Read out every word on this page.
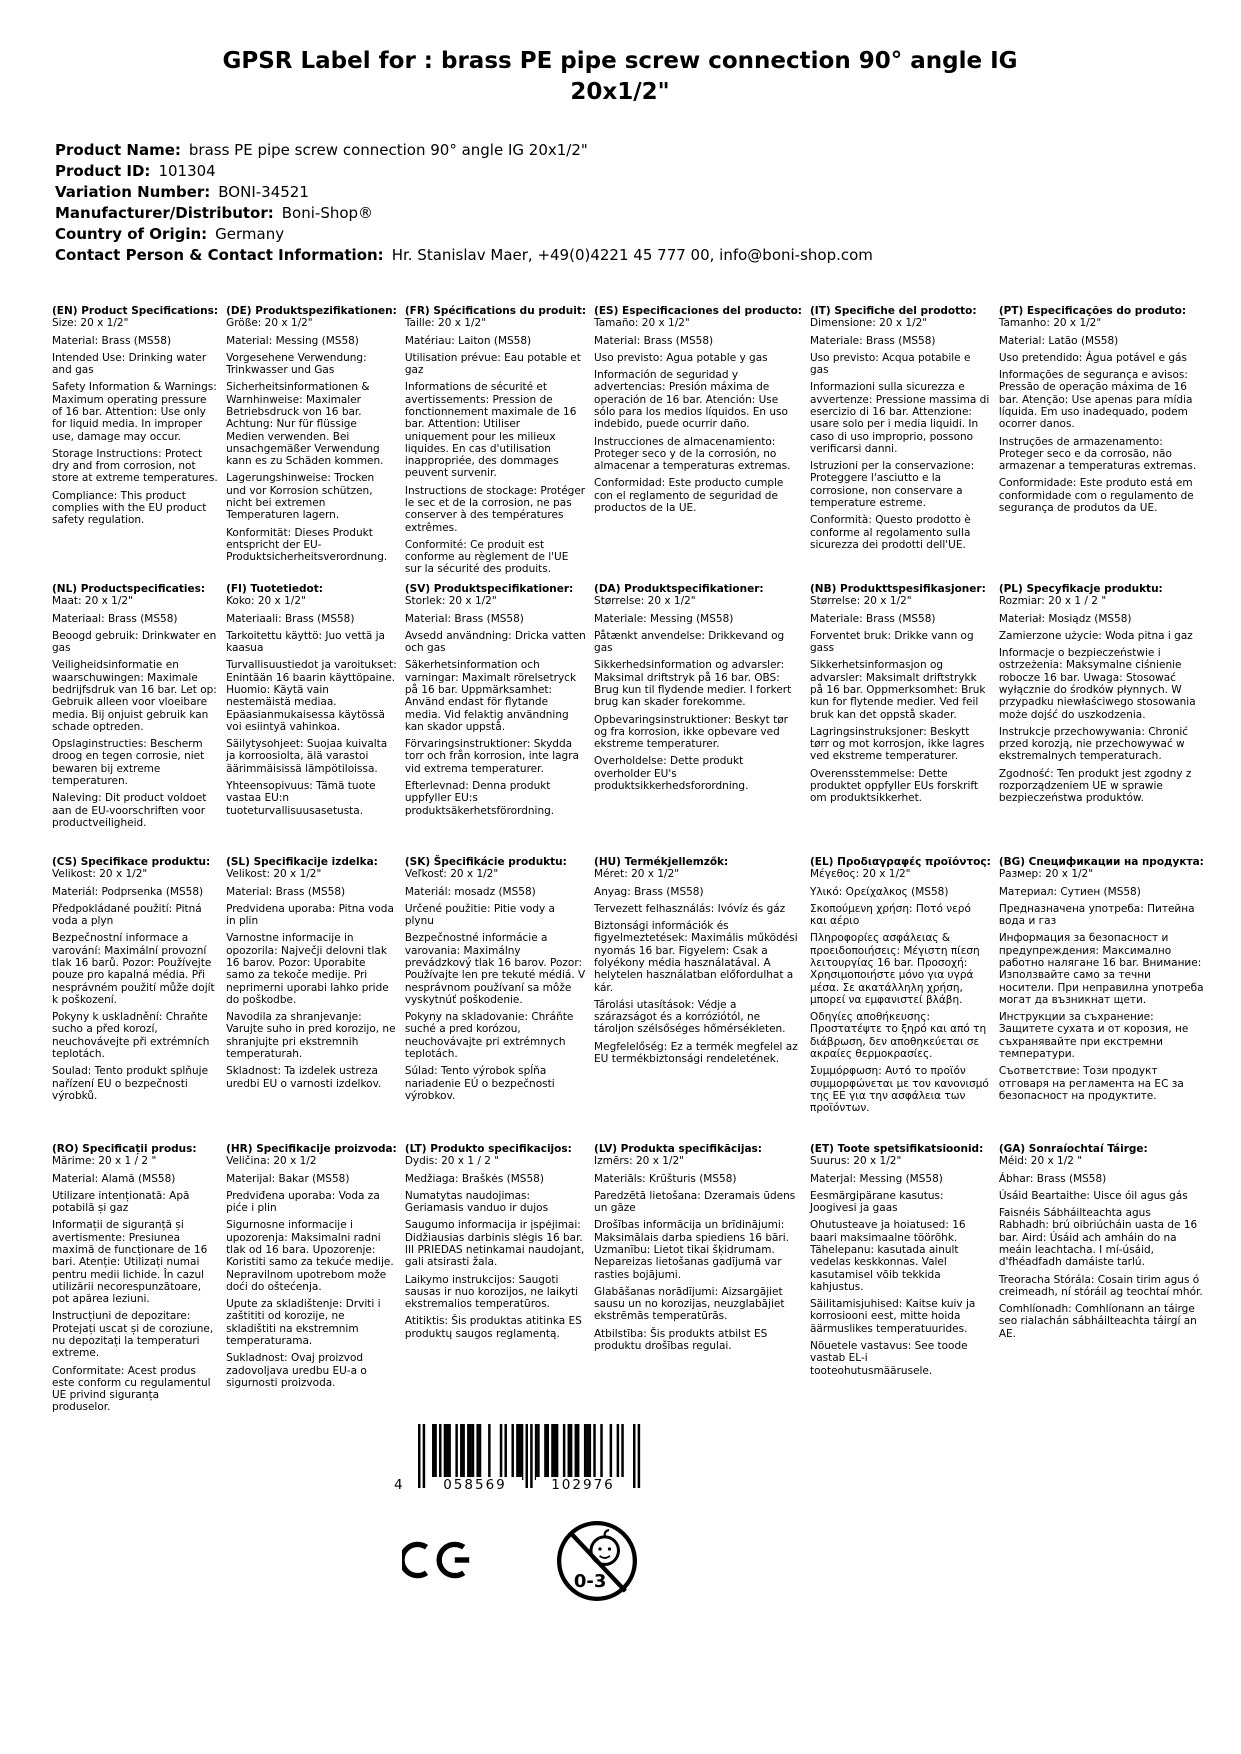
GPSR Label for : brass PE pipe screw connection 90° angle IG 20x1/2"
Product Name: brass PE pipe screw connection 90° angle IG 20x1/2"
Product ID: 101304
Variation Number: BONI-34521
Manufacturer/Distributor: Boni-Shop®
Country of Origin: Germany
Contact Person & Contact Information: Hr. Stanislav Maer, +49(0)4221 45 777 00, info@boni-shop.com
(EN) Product Specifications:

Size: 20 x 1/2"

Material: Brass (MS58)

Intended Use: Drinking water and gas

Safety Information & Warnings: Maximum operating pressure of 16 bar. Attention: Use only for liquid media. In improper use, damage may occur.

Storage Instructions: Protect dry and from corrosion, not store at extreme temperatures.

Compliance: This product complies with the EU product safety regulation.

(DE) Produktspezifikationen:

Größe: 20 x 1/2"

Material: Messing (MS58)

Vorgesehene Verwendung: Trinkwasser und Gas

Sicherheitsinformationen & Warnhinweise: Maximaler Betriebsdruck von 16 bar. Achtung: Nur für flüssige Medien verwenden. Bei unsachgemäßer Verwendung kann es zu Schäden kommen.

Lagerungshinweise: Trocken und vor Korrosion schützen, nicht bei extremen Temperaturen lagern.

Konformität: Dieses Produkt entspricht der EU-Produktsicherheitsverordnung.

(FR) Spécifications du produit:

Taille: 20 x 1/2"

Matériau: Laiton (MS58)

Utilisation prévue: Eau potable et gaz

Informations de sécurité et avertissements: Pression de fonctionnement maximale de 16 bar. Attention: Utiliser uniquement pour les milieux liquides. En cas d'utilisation inappropriée, des dommages peuvent survenir.

Instructions de stockage: Protéger le sec et de la corrosion, ne pas conserver à des températures extrêmes.

Conformité: Ce produit est conforme au règlement de l'UE sur la sécurité des produits.

(ES) Especificaciones del producto:

Tamaño: 20 x 1/2"

Material: Brass (MS58)

Uso previsto: Agua potable y gas

Información de seguridad y advertencias: Presión máxima de operación de 16 bar. Atención: Use sólo para los medios líquidos. En uso indebido, puede ocurrir daño.

Instrucciones de almacenamiento: Proteger seco y de la corrosión, no almacenar a temperaturas extremas.

Conformidad: Este producto cumple con el reglamento de seguridad de productos de la UE.

(IT) Specifiche del prodotto:

Dimensione: 20 x 1/2"

Materiale: Brass (MS58)

Uso previsto: Acqua potabile e gas

Informazioni sulla sicurezza e avvertenze: Pressione massima di esercizio di 16 bar. Attenzione: usare solo per i media liquidi. In caso di uso improprio, possono verificarsi danni.

Istruzioni per la conservazione: Proteggere l'asciutto e la corrosione, non conservare a temperature estreme.

Conformità: Questo prodotto è conforme al regolamento sulla sicurezza dei prodotti dell'UE.

(PT) Especificações do produto:

Tamanho: 20 x 1/2"

Material: Latão (MS58)

Uso pretendido: Água potável e gás

Informações de segurança e avisos: Pressão de operação máxima de 16 bar. Atenção: Use apenas para mídia líquida. Em uso inadequado, podem ocorrer danos.

Instruções de armazenamento: Proteger seco e da corrosão, não armazenar a temperaturas extremas.

Conformidade: Este produto está em conformidade com o regulamento de segurança de produtos da UE.

(NL) Productspecificaties:

Maat: 20 x 1/2"

Materiaal: Brass (MS58)

Beoogd gebruik: Drinkwater en gas

Veiligheidsinformatie en waarschuwingen: Maximale bedrijfsdruk van 16 bar. Let op: Gebruik alleen voor vloeibare media. Bij onjuist gebruik kan schade optreden.

Opslaginstructies: Bescherm droog en tegen corrosie, niet bewaren bij extreme temperaturen.

Naleving: Dit product voldoet aan de EU-voorschriften voor productveiligheid.

(FI) Tuotetiedot:

Koko: 20 x 1/2"

Materiaali: Brass (MS58)

Tarkoitettu käyttö: Juo vettä ja kaasua

Turvallisuustiedot ja varoitukset: Enintään 16 baarin käyttöpaine. Huomio: Käytä vain nestemäistä mediaa. Epäasianmukaisessa käytössä voi esiintyä vahinkoa.

Säilytysohjeet: Suojaa kuivalta ja korroosiolta, älä varastoi äärimmäisissä lämpötiloissa.

Yhteensopivuus: Tämä tuote vastaa EU:n tuoteturvallisuusasetusta.

(SV) Produktspecifikationer:

Storlek: 20 x 1/2"

Material: Brass (MS58)

Avsedd användning: Dricka vatten och gas

Säkerhetsinformation och varningar: Maximalt rörelsetryck på 16 bar. Uppmärksamhet: Använd endast för flytande media. Vid felaktig användning kan skador uppstå.

Förvaringsinstruktioner: Skydda torr och från korrosion, inte lagra vid extrema temperaturer.

Efterlevnad: Denna produkt uppfyller EU:s produktsäkerhetsförordning.

(DA) Produktspecifikationer:

Størrelse: 20 x 1/2"

Materiale: Messing (MS58)

Påtænkt anvendelse: Drikkevand og gas

Sikkerhedsinformation og advarsler: Maksimal driftstryk på 16 bar. OBS: Brug kun til flydende medier. I forkert brug kan skader forekomme.

Opbevaringsinstruktioner: Beskyt tør og fra korrosion, ikke opbevare ved ekstreme temperaturer.

Overholdelse: Dette produkt overholder EU's produktsikkerhedsforordning.

(NB) Produkttspesifikasjoner:

Størrelse: 20 x 1/2"

Materiale: Brass (MS58)

Forventet bruk: Drikke vann og gass

Sikkerhetsinformasjon og advarsler: Maksimalt driftstrykk på 16 bar. Oppmerksomhet: Bruk kun for flytende medier. Ved feil bruk kan det oppstå skader.

Lagringsinstruksjoner: Beskytt tørr og mot korrosjon, ikke lagres ved ekstreme temperaturer.

Overensstemmelse: Dette produktet oppfyller EUs forskrift om produktsikkerhet.

(PL) Specyfikacje produktu:

Rozmiar: 20 x 1 / 2 "

Materiał: Mosiądz (MS58)

Zamierzone użycie: Woda pitna i gaz

Informacje o bezpieczeństwie i ostrzeżenia: Maksymalne ciśnienie robocze 16 bar. Uwaga: Stosować wyłącznie do środków płynnych. W przypadku niewłaściwego stosowania może dojść do uszkodzenia.

Instrukcje przechowywania: Chronić przed korozją, nie przechowywać w ekstremalnych temperaturach.

Zgodność: Ten produkt jest zgodny z rozporządzeniem UE w sprawie bezpieczeństwa produktów.

(CS) Specifikace produktu:

Velikost: 20 x 1/2"

Materiál: Podprsenka (MS58)

Předpokládané použití: Pitná voda a plyn

Bezpečnostní informace a varování: Maximální provozní tlak 16 barů. Pozor: Používejte pouze pro kapalná média. Při nesprávném použití může dojít k poškození.

Pokyny k uskladnění: Chraňte sucho a před korozí, neuchovávejte při extrémních teplotách.

Soulad: Tento produkt splňuje nařízení EU o bezpečnosti výrobků.

(SL) Specifikacije izdelka:

Velikost: 20 x 1/2"

Material: Brass (MS58)

Predvidena uporaba: Pitna voda in plin

Varnostne informacije in opozorila: Največji delovni tlak 16 barov. Pozor: Uporabite samo za tekoče medije. Pri neprimerni uporabi lahko pride do poškodbe.

Navodila za shranjevanje: Varujte suho in pred korozijo, ne shranjujte pri ekstremnih temperaturah.

Skladnost: Ta izdelek ustreza uredbi EU o varnosti izdelkov.

(SK) Špecifikácie produktu:

Veľkosť: 20 x 1/2"

Materiál: mosadz (MS58)

Určené použitie: Pitie vody a plynu

Bezpečnostné informácie a varovania: Maximálny prevádzkový tlak 16 barov. Pozor: Používajte len pre tekuté médiá. V nesprávnom používaní sa môže vyskytnúť poškodenie.

Pokyny na skladovanie: Chráňte suché a pred korózou, neuchovávajte pri extrémnych teplotách.

Súlad: Tento výrobok spĺňa nariadenie EÚ o bezpečnosti výrobkov.

(HU) Termékjellemzők:

Méret: 20 x 1/2"

Anyag: Brass (MS58)

Tervezett felhasználás: Ivóvíz és gáz

Biztonsági információk és figyelmeztetések: Maximális működési nyomás 16 bar. Figyelem: Csak a folyékony média használatával. A helytelen használatban előfordulhat a kár.

Tárolási utasítások: Védje a szárazságot és a korróziótól, ne tároljon szélsőséges hőmérsékleten.

Megfelelőség: Ez a termék megfelel az EU termékbiztonsági rendeletének.

(EL) Προδιαγραφές προϊόντος:

Μέγεθος: 20 x 1/2"

Υλικό: Ορείχαλκος (MS58)

Σκοπούμενη χρήση: Ποτό νερό και αέριο

Πληροφορίες ασφάλειας & προειδοποιήσεις: Μέγιστη πίεση λειτουργίας 16 bar. Προσοχή: Χρησιμοποιήστε μόνο για υγρά μέσα. Σε ακατάλληλη χρήση, μπορεί να εμφανιστεί βλάβη.

Οδηγίες αποθήκευσης: Προστατέψτε το ξηρό και από τη διάβρωση, δεν αποθηκεύεται σε ακραίες θερμοκρασίες.

Συμμόρφωση: Αυτό το προϊόν συμμορφώνεται με τον κανονισμό της ΕΕ για την ασφάλεια των προϊόντων.

(BG) Спецификации на продукта:

Размер: 20 x 1/2"

Материал: Сутиен (MS58)

Предназначена употреба: Питейна вода и газ

Информация за безопасност и предупреждения: Максимално работно налягане 16 bar. Внимание: Използвайте само за течни носители. При неправилна употреба могат да възникнат щети.

Инструкции за съхранение: Защитете сухата и от корозия, не съхранявайте при екстремни температури.

Съответствие: Този продукт отговаря на регламента на ЕС за безопасност на продуктите.

(RO) Specificații produs:

Mărime: 20 x 1 / 2 "

Material: Alamă (MS58)

Utilizare intenționată: Apă potabilă și gaz

Informații de siguranță și avertismente: Presiunea maximă de funcționare de 16 bari. Atenție: Utilizați numai pentru medii lichide. În cazul utilizării necorespunzătoare, pot apărea leziuni.

Instrucțiuni de depozitare: Protejați uscat și de coroziune, nu depozitați la temperaturi extreme.

Conformitate: Acest produs este conform cu regulamentul UE privind siguranța produselor.

(HR) Specifikacije proizvoda:

Veličina: 20 x 1/2

Materijal: Bakar (MS58)

Predviđena uporaba: Voda za piće i plin

Sigurnosne informacije i upozorenja: Maksimalni radni tlak od 16 bara. Upozorenje: Koristiti samo za tekuće medije. Nepravilnom upotrebom može doći do oštećenja.

Upute za skladištenje: Drviti i zaštititi od korozije, ne skladištiti na ekstremnim temperaturama.

Sukladnost: Ovaj proizvod zadovoljava uredbu EU-a o sigurnosti proizvoda.

(LT) Produkto specifikacijos:

Dydis: 20 x 1 / 2 "

Medžiaga: Braškės (MS58)

Numatytas naudojimas: Geriamasis vanduo ir dujos

Saugumo informacija ir įspėjimai: Didžiausias darbinis slėgis 16 bar. III PRIEDAS netinkamai naudojant, gali atsirasti žala.

Laikymo instrukcijos: Saugoti sausas ir nuo korozijos, ne laikyti ekstremalios temperatūros.

Atitiktis: Šis produktas atitinka ES produktų saugos reglamentą.

(LV) Produkta specifikācijas:

Izmērs: 20 x 1/2"

Materiāls: Krūšturis (MS58)

Paredzētā lietošana: Dzeramais ūdens un gāze

Drošības informācija un brīdinājumi: Maksimālais darba spiediens 16 bāri. Uzmanību: Lietot tikai šķidrumam. Nepareizas lietošanas gadījumā var rasties bojājumi.

Glabāšanas norādījumi: Aizsargājiet sausu un no korozijas, neuzglabājiet ekstrēmās temperatūrās.

Atbilstība: Šis produkts atbilst ES produktu drošības regulai.

(ET) Toote spetsifikatsioonid:

Suurus: 20 x 1/2"

Materjal: Messing (MS58)

Eesmärgipärane kasutus: Joogivesi ja gaas

Ohutusteave ja hoiatused: 16 baari maksimaalne töörõhk. Tähelepanu: kasutada ainult vedelas keskkonnas. Valel kasutamisel võib tekkida kahjustus.

Säilitamisjuhised: Kaitse kuiv ja korrosiooni eest, mitte hoida äärmuslikes temperatuurides.

Nõuetele vastavus: See toode vastab EL-i tooteohutusmäärusele.

(GA) Sonraíochtaí Táirge:

Méid: 20 x 1/2 "

Ábhar: Brass (MS58)

Úsáid Beartaithe: Uisce óil agus gás

Faisnéis Sábháilteachta agus Rabhadh: brú oibriúcháin uasta de 16 bar. Aird: Úsáid ach amháin do na meáin leachtacha. I mí-úsáid, d'fhéadfadh damáiste tarlú.

Treoracha Stórála: Cosain tirim agus ó creimeadh, ní stóráil ag teochtaí mhór.

Comhlíonadh: Comhlíonann an táirge seo rialachán sábháilteachta táirgí an AE.

4	058569	102976
0-3
